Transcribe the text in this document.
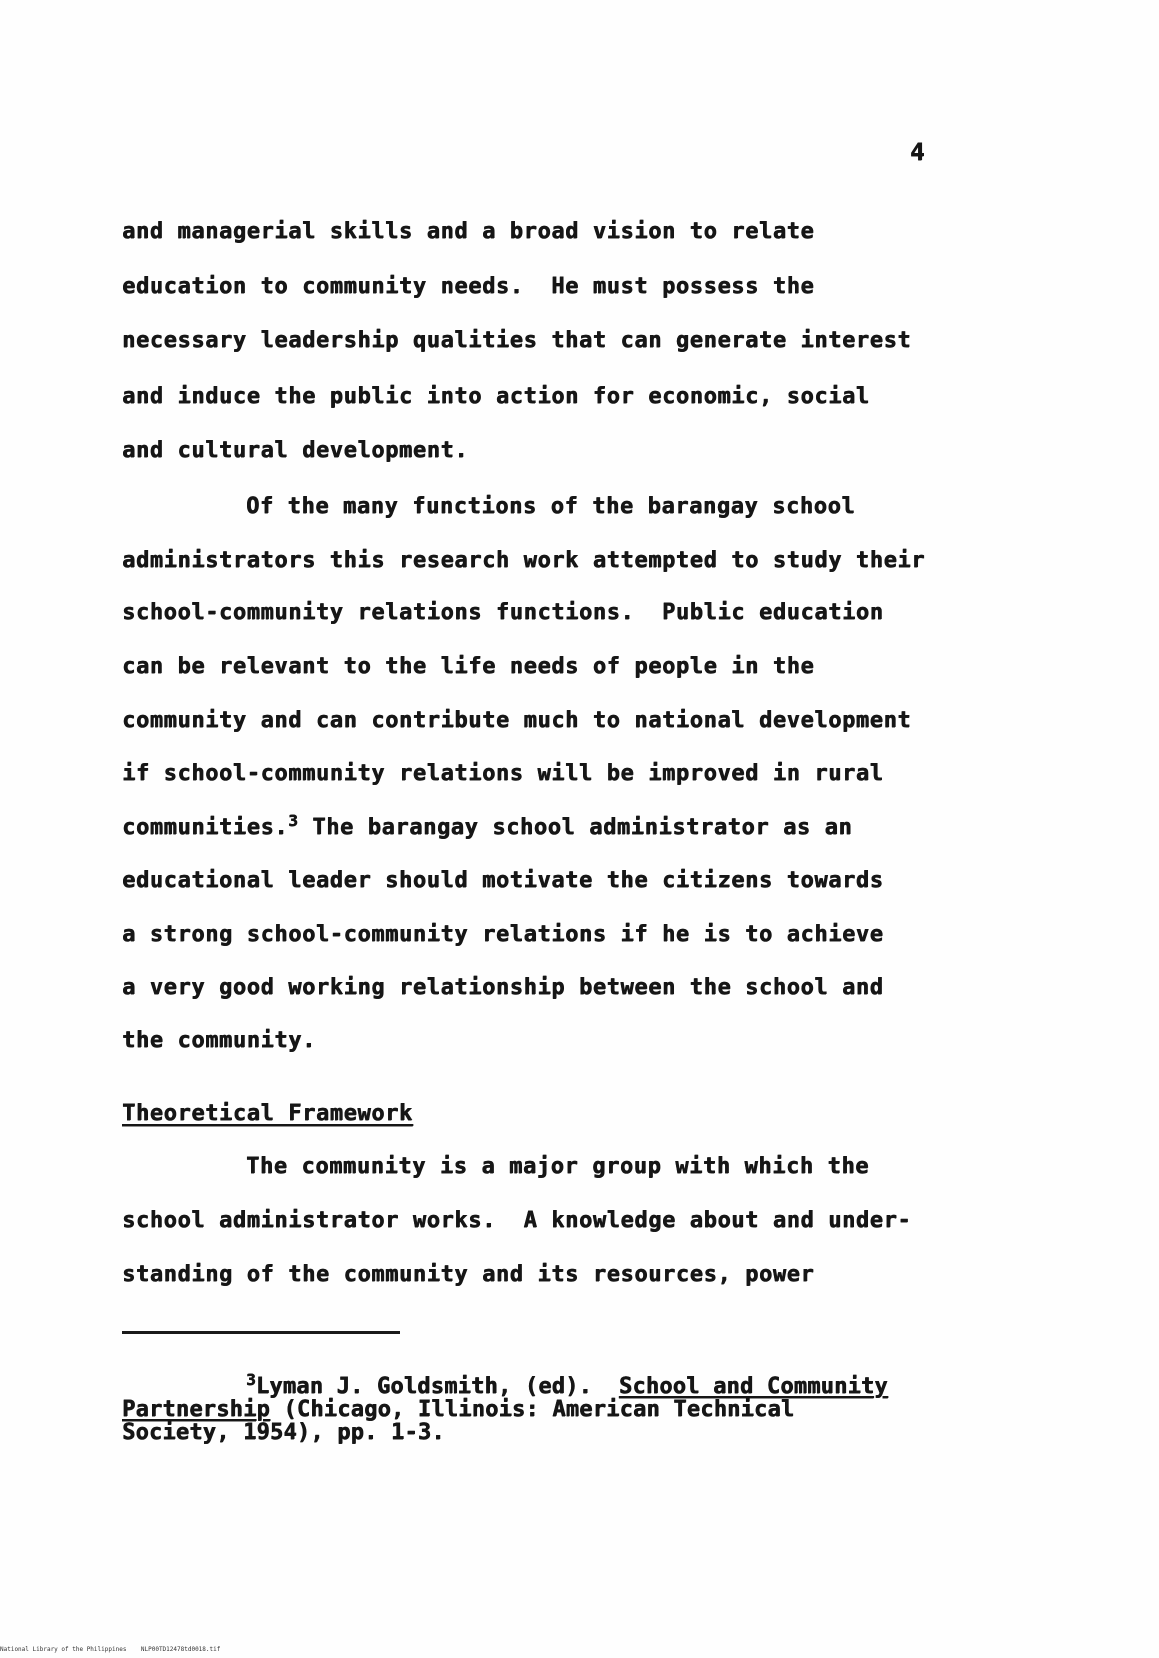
4
and managerial skills and a broad vision to relate
education to community needs.  He must possess the
necessary leadership qualities that can generate interest
and induce the public into action for economic, social
and cultural development.
Of the many functions of the barangay school
administrators this research work attempted to study their
school-community relations functions.  Public education
can be relevant to the life needs of people in the
community and can contribute much to national development
if school-community relations will be improved in rural
communities.$^3$ The barangay school administrator as an
educational leader should motivate the citizens towards
a strong school-community relations if he is to achieve
a very good working relationship between the school and
the community.
Theoretical Framework
The community is a major group with which the
school administrator works.  A knowledge about and under-
standing of the community and its resources, power
$^3$Lyman J. Goldsmith, (ed). School and Community
Partnership (Chicago, Illinois: American Technical
Society, 1954), pp. 1-3.
National Library of the Philippines    NLP00TD12478td0018.tif
